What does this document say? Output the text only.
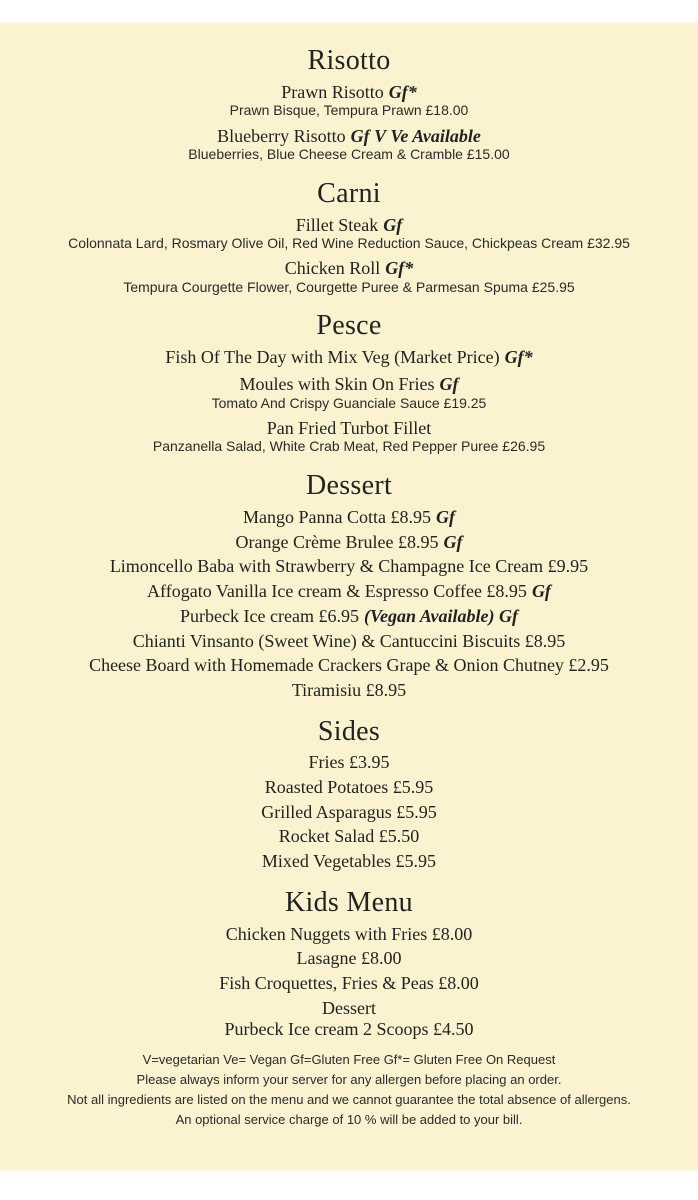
Risotto

Prawn Risotto Gf*

Prawn Bisque, Tempura Prawn £18.00

Blueberry Risotto Gf V Ve Available

Blueberries, Blue Cheese Cream & Cramble £15.00

Carni

Fillet Steak Gf

Colonnata Lard, Rosmary Olive Oil, Red Wine Reduction Sauce, Chickpeas Cream £32.95

Chicken Roll Gf*

Tempura Courgette Flower, Courgette Puree & Parmesan Spuma £25.95

Pesce

Fish Of The Day with Mix Veg (Market Price) Gf*

Moules with Skin On Fries Gf

Tomato And Crispy Guanciale Sauce £19.25

Pan Fried Turbot Fillet

Panzanella Salad, White Crab Meat, Red Pepper Puree £26.95

Dessert

Mango Panna Cotta £8.95 Gf

Orange Crème Brulee £8.95 Gf

Limoncello Baba with Strawberry & Champagne Ice Cream £9.95

Affogato Vanilla Ice cream & Espresso Coffee £8.95 Gf

Purbeck Ice cream £6.95 (Vegan Available) Gf

Chianti Vinsanto (Sweet Wine) & Cantuccini Biscuits £8.95

Cheese Board with Homemade Crackers Grape & Onion Chutney £2.95

Tiramisiu £8.95

Sides

Fries £3.95

Roasted Potatoes £5.95

Grilled Asparagus £5.95

Rocket Salad £5.50

Mixed Vegetables £5.95

Kids Menu

Chicken Nuggets with Fries £8.00

Lasagne £8.00

Fish Croquettes, Fries & Peas £8.00

Dessert

Purbeck Ice cream 2 Scoops £4.50

V=vegetarian Ve= Vegan Gf=Gluten Free Gf*= Gluten Free On Request

Please always inform your server for any allergen before placing an order.

Not all ingredients are listed on the menu and we cannot guarantee the total absence of allergens.

An optional service charge of 10 % will be added to your bill.
